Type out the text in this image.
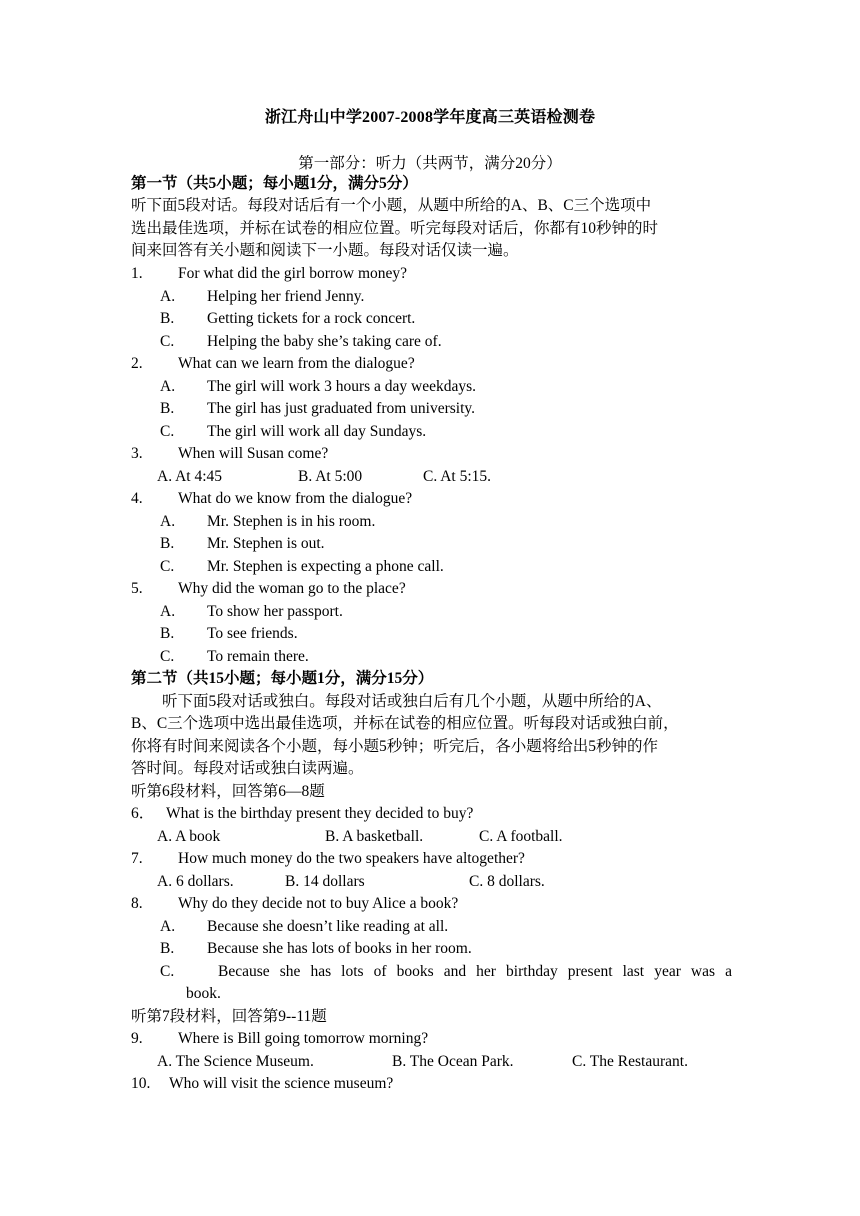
浙江舟山中学2007-2008学年度高三英语检测卷
第一部分：听力（共两节，满分20分）
第一节（共5小题；每小题1分，满分5分）
听下面5段对话。每段对话后有一个小题，从题中所给的A、B、C三个选项中
选出最佳选项，并标在试卷的相应位置。听完每段对话后，你都有10秒钟的时
间来回答有关小题和阅读下一小题。每段对话仅读一遍。
1. For what did the girl borrow money?
A. Helping her friend Jenny.
B. Getting tickets for a rock concert.
C. Helping the baby she’s taking care of.
2. What can we learn from the dialogue?
A. The girl will work 3 hours a day weekdays.
B. The girl has just graduated from university.
C. The girl will work all day Sundays.
3. When will Susan come?
A. At 4:45	B. At 5:00	C. At 5:15.
4. What do we know from the dialogue?
A. Mr. Stephen is in his room.
B. Mr. Stephen is out.
C. Mr. Stephen is expecting a phone call.
5. Why did the woman go to the place?
A. To show her passport.
B. To see friends.
C. To remain there.
第二节（共15小题；每小题1分，满分15分）
听下面5段对话或独白。每段对话或独白后有几个小题，从题中所给的A、
B、C三个选项中选出最佳选项，并标在试卷的相应位置。听每段对话或独白前，
你将有时间来阅读各个小题，每小题5秒钟；听完后，各小题将给出5秒钟的作
答时间。每段对话或独白读两遍。
听第6段材料，回答第6—8题
6． What is the birthday present they decided to buy?
A. A book	B. A basketball.	C. A football.
7. How much money do the two speakers have altogether?
A. 6 dollars.	B. 14 dollars	C. 8 dollars.
8. Why do they decide not to buy Alice a book?
A. Because she doesn’t like reading at all.
B. Because she has lots of books in her room.
C.	Because she has lots of books and her birthday present last year was a
book.
听第7段材料，回答第9--11题
9. Where is Bill going tomorrow morning?
A. The Science Museum.	B. The Ocean Park.	C. The Restaurant.
10. Who will visit the science museum?
